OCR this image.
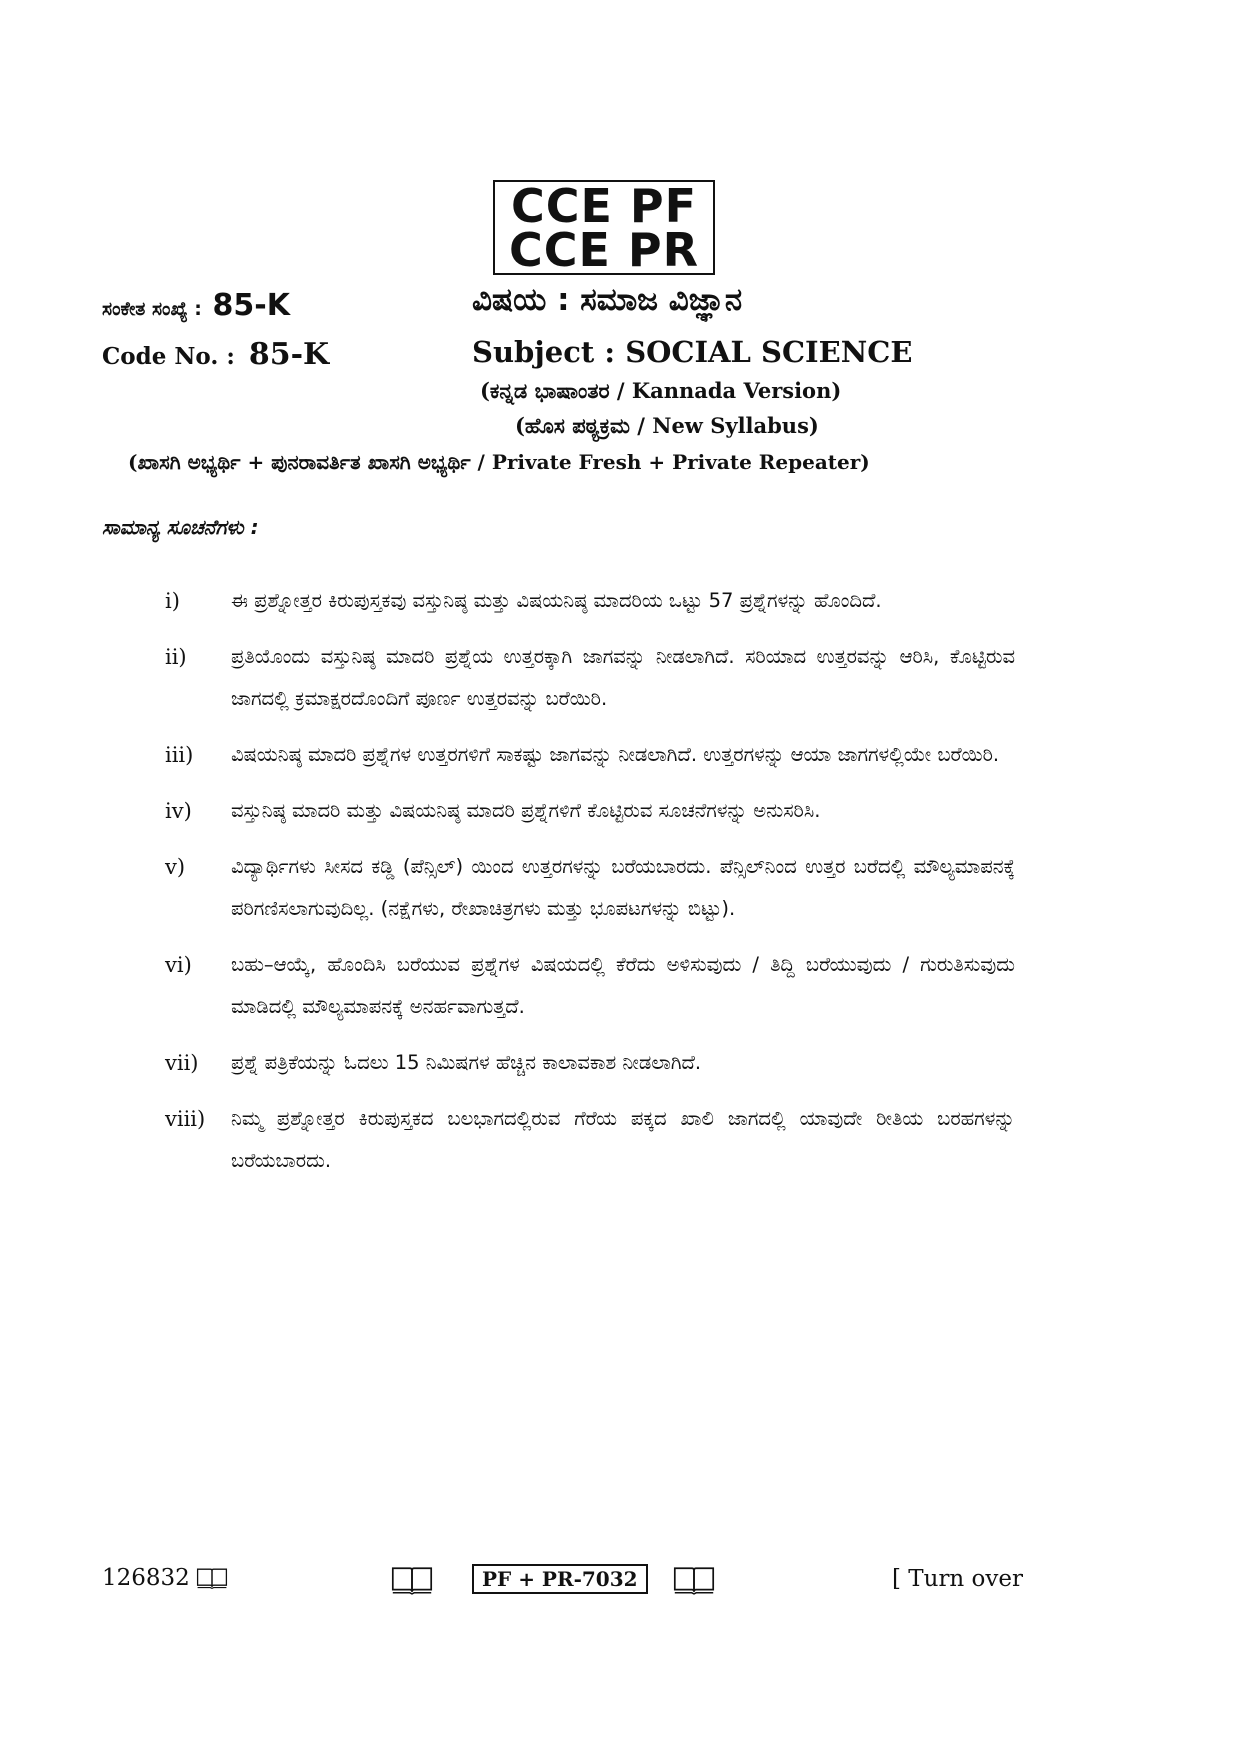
CCE PF
CCE PR
ಸಂಕೇತ ಸಂಖ್ಯೆ : 85-K	ವಿಷಯ : ಸಮಾಜ ವಿಜ್ಞಾನ
Code No. : 85-K	Subject : SOCIAL SCIENCE
(ಕನ್ನಡ ಭಾಷಾಂತರ / Kannada Version)
(ಹೊಸ ಪಠ್ಯಕ್ರಮ / New Syllabus)
(ಖಾಸಗಿ ಅಭ್ಯರ್ಥಿ + ಪುನರಾವರ್ತಿತ ಖಾಸಗಿ ಅಭ್ಯರ್ಥಿ / Private Fresh + Private Repeater)
ಸಾಮಾನ್ಯ ಸೂಚನೆಗಳು :
i)	ಈ ಪ್ರಶ್ನೋತ್ತರ ಕಿರುಪುಸ್ತಕವು ವಸ್ತುನಿಷ್ಠ ಮತ್ತು ವಿಷಯನಿಷ್ಠ ಮಾದರಿಯ ಒಟ್ಟು 57 ಪ್ರಶ್ನೆಗಳನ್ನು ಹೊಂದಿದೆ.
ii) ಪ್ರತಿಯೊಂದು ವಸ್ತುನಿಷ್ಠ ಮಾದರಿ ಪ್ರಶ್ನೆಯ ಉತ್ತರಕ್ಕಾಗಿ ಜಾಗವನ್ನು ನೀಡಲಾಗಿದೆ. ಸರಿಯಾದ ಉತ್ತರವನ್ನು ಆರಿಸಿ, ಕೊಟ್ಟಿರುವ ಜಾಗದಲ್ಲಿ ಕ್ರಮಾಕ್ಷರದೊಂದಿಗೆ ಪೂರ್ಣ ಉತ್ತರವನ್ನು ಬರೆಯಿರಿ.
iii) ವಿಷಯನಿಷ್ಠ ಮಾದರಿ ಪ್ರಶ್ನೆಗಳ ಉತ್ತರಗಳಿಗೆ ಸಾಕಷ್ಟು ಜಾಗವನ್ನು ನೀಡಲಾಗಿದೆ. ಉತ್ತರಗಳನ್ನು ಆಯಾ ಜಾಗಗಳಲ್ಲಿಯೇ ಬರೆಯಿರಿ.
iv) ವಸ್ತುನಿಷ್ಠ ಮಾದರಿ ಮತ್ತು ವಿಷಯನಿಷ್ಠ ಮಾದರಿ ಪ್ರಶ್ನೆಗಳಿಗೆ ಕೊಟ್ಟಿರುವ ಸೂಚನೆಗಳನ್ನು ಅನುಸರಿಸಿ.
v) ವಿದ್ಯಾರ್ಥಿಗಳು ಸೀಸದ ಕಡ್ಡಿ (ಪೆನ್ಸಿಲ್) ಯಿಂದ ಉತ್ತರಗಳನ್ನು ಬರೆಯಬಾರದು. ಪೆನ್ಸಿಲ್‌ನಿಂದ ಉತ್ತರ ಬರೆದಲ್ಲಿ ಮೌಲ್ಯಮಾಪನಕ್ಕೆ ಪರಿಗಣಿಸಲಾಗುವುದಿಲ್ಲ. (ನಕ್ಷೆಗಳು, ರೇಖಾಚಿತ್ರಗಳು ಮತ್ತು ಭೂಪಟಗಳನ್ನು ಬಿಟ್ಟು).
vi) ಬಹು–ಆಯ್ಕೆ, ಹೊಂದಿಸಿ ಬರೆಯುವ ಪ್ರಶ್ನೆಗಳ ವಿಷಯದಲ್ಲಿ ಕೆರೆದು ಅಳಿಸುವುದು / ತಿದ್ದಿ ಬರೆಯುವುದು / ಗುರುತಿಸುವುದು ಮಾಡಿದಲ್ಲಿ ಮೌಲ್ಯಮಾಪನಕ್ಕೆ ಅನರ್ಹವಾಗುತ್ತದೆ.
vii) ಪ್ರಶ್ನೆ ಪತ್ರಿಕೆಯನ್ನು ಓದಲು 15 ನಿಮಿಷಗಳ ಹೆಚ್ಚಿನ ಕಾಲಾವಕಾಶ ನೀಡಲಾಗಿದೆ.
viii) ನಿಮ್ಮ ಪ್ರಶ್ನೋತ್ತರ ಕಿರುಪುಸ್ತಕದ ಬಲಭಾಗದಲ್ಲಿರುವ ಗೆರೆಯ ಪಕ್ಕದ ಖಾಲಿ ಜಾಗದಲ್ಲಿ ಯಾವುದೇ ರೀತಿಯ ಬರಹಗಳನ್ನು ಬರೆಯಬಾರದು.
126832	PF + PR-7032	[ Turn over
